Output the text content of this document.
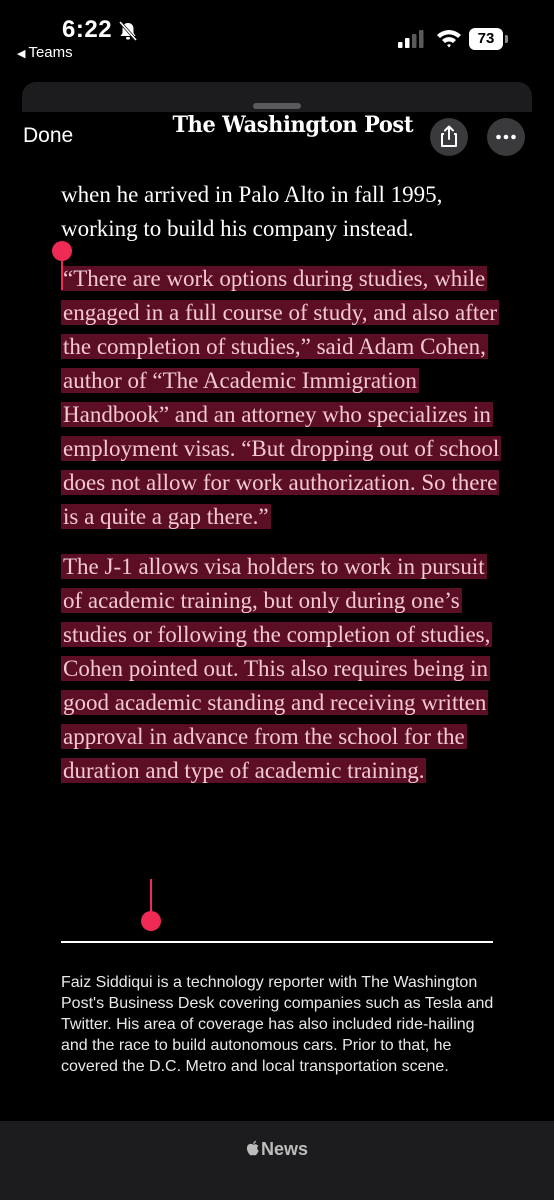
6:22
◀ Teams
73
Done	The Washington Post

when he arrived in Palo Alto in fall 1995, working to build his company instead.

“There are work options during studies, while engaged in a full course of study, and also after the completion of studies,” said Adam Cohen, author of “The Academic Immigration Handbook” and an attorney who specializes in employment visas. “But dropping out of school does not allow for work authorization. So there is a quite a gap there.”

The J-1 allows visa holders to work in pursuit of academic training, but only during one’s studies or following the completion of studies, Cohen pointed out. This also requires being in good academic standing and receiving written approval in advance from the school for the duration and type of academic training.

Faiz Siddiqui is a technology reporter with The Washington Post's Business Desk covering companies such as Tesla and Twitter. His area of coverage has also included ride-hailing and the race to build autonomous cars. Prior to that, he covered the D.C. Metro and local transportation scene.
News
